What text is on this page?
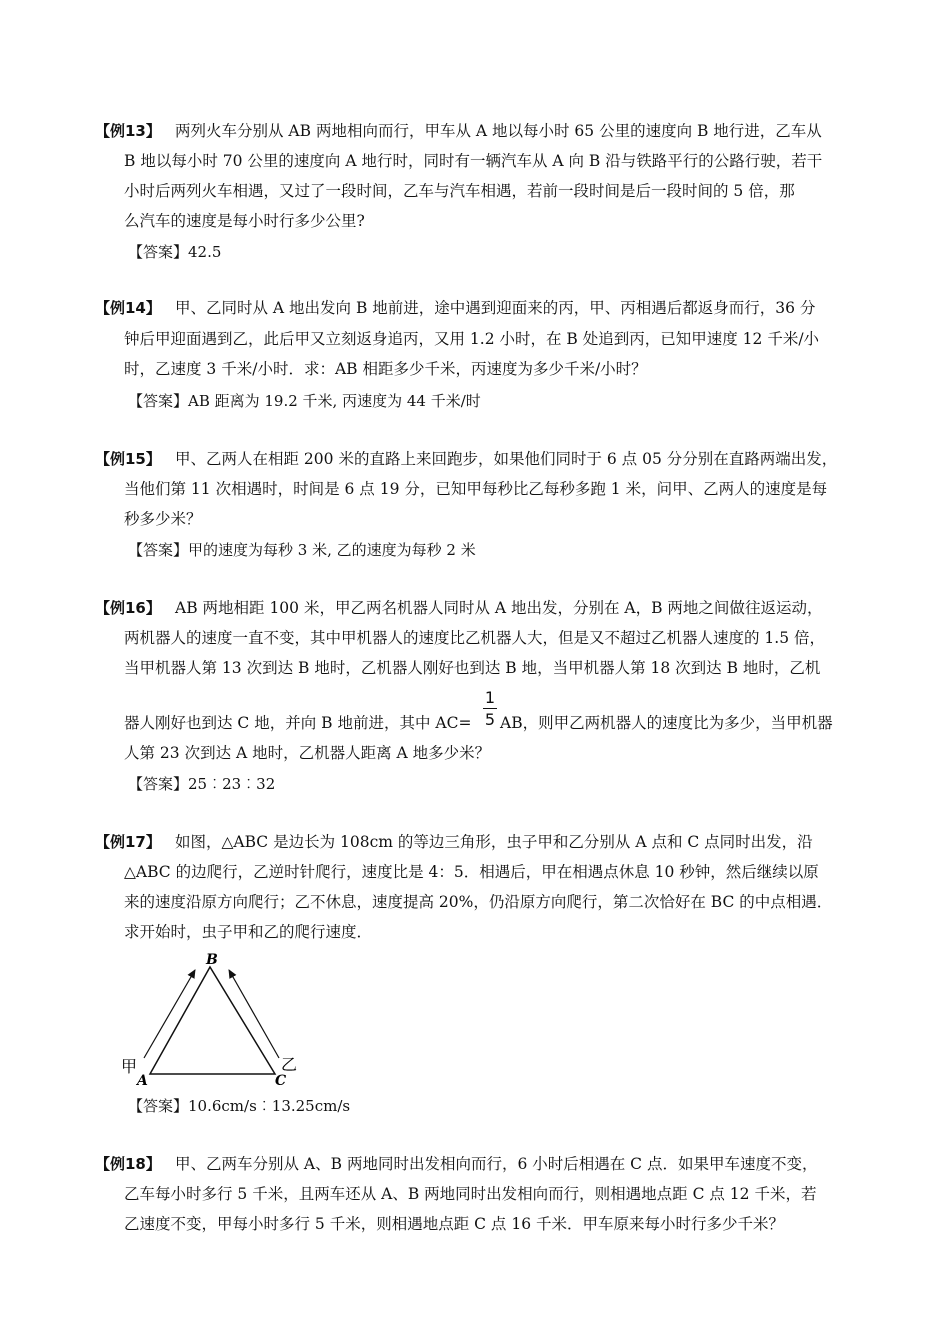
【例13】 两列火车分别从 AB 两地相向而行，甲车从 A 地以每小时 65 公里的速度向 B 地行进，乙车从
B 地以每小时 70 公里的速度向 A 地行时，同时有一辆汽车从 A 向 B 沿与铁路平行的公路行驶，若干
小时后两列火车相遇，又过了一段时间，乙车与汽车相遇，若前一段时间是后一段时间的 5 倍，那
么汽车的速度是每小时行多少公里?
【答案】42.5
【例14】 甲、乙同时从 A 地出发向 B 地前进，途中遇到迎面来的丙，甲、丙相遇后都返身而行，36 分
钟后甲迎面遇到乙，此后甲又立刻返身追丙，又用 1.2 小时，在 B 处追到丙，已知甲速度 12 千米/小
时，乙速度 3 千米/小时．求：AB 相距多少千米，丙速度为多少千米/小时？
【答案】AB 距离为 19.2 千米, 丙速度为 44 千米/时
【例15】 甲、乙两人在相距 200 米的直路上来回跑步，如果他们同时于 6 点 05 分分别在直路两端出发，
当他们第 11 次相遇时，时间是 6 点 19 分，已知甲每秒比乙每秒多跑 1 米，问甲、乙两人的速度是每
秒多少米？
【答案】甲的速度为每秒 3 米, 乙的速度为每秒 2 米
【例16】 AB 两地相距 100 米，甲乙两名机器人同时从 A 地出发，分别在 A，B 两地之间做往返运动，
两机器人的速度一直不变，其中甲机器人的速度比乙机器人大，但是又不超过乙机器人速度的 1.5 倍，
当甲机器人第 13 次到达 B 地时，乙机器人刚好也到达 B 地，当甲机器人第 18 次到达 B 地时，乙机
器人刚好也到达 C 地，并向 B 地前进，其中 AC=
1
5 AB，则甲乙两机器人的速度比为多少，当甲机器
人第 23 次到达 A 地时，乙机器人距离 A 地多少米？
【答案】25︰23︰32
【例17】 如图，△ABC 是边长为 108cm 的等边三角形，虫子甲和乙分别从 A 点和 C 点同时出发，沿
△ABC 的边爬行，乙逆时针爬行，速度比是 4：5．相遇后，甲在相遇点休息 10 秒钟，然后继续以原
来的速度沿原方向爬行；乙不休息，速度提高 20%，仍沿原方向爬行，第二次恰好在 BC 的中点相遇．
求开始时，虫子甲和乙的爬行速度．
B
A	C
甲	乙
【答案】10.6cm/s︰13.25cm/s
【例18】 甲、乙两车分别从 A、B 两地同时出发相向而行，6 小时后相遇在 C 点．如果甲车速度不变，
乙车每小时多行 5 千米，且两车还从 A、B 两地同时出发相向而行，则相遇地点距 C 点 12 千米，若
乙速度不变，甲每小时多行 5 千米，则相遇地点距 C 点 16 千米．甲车原来每小时行多少千米？
